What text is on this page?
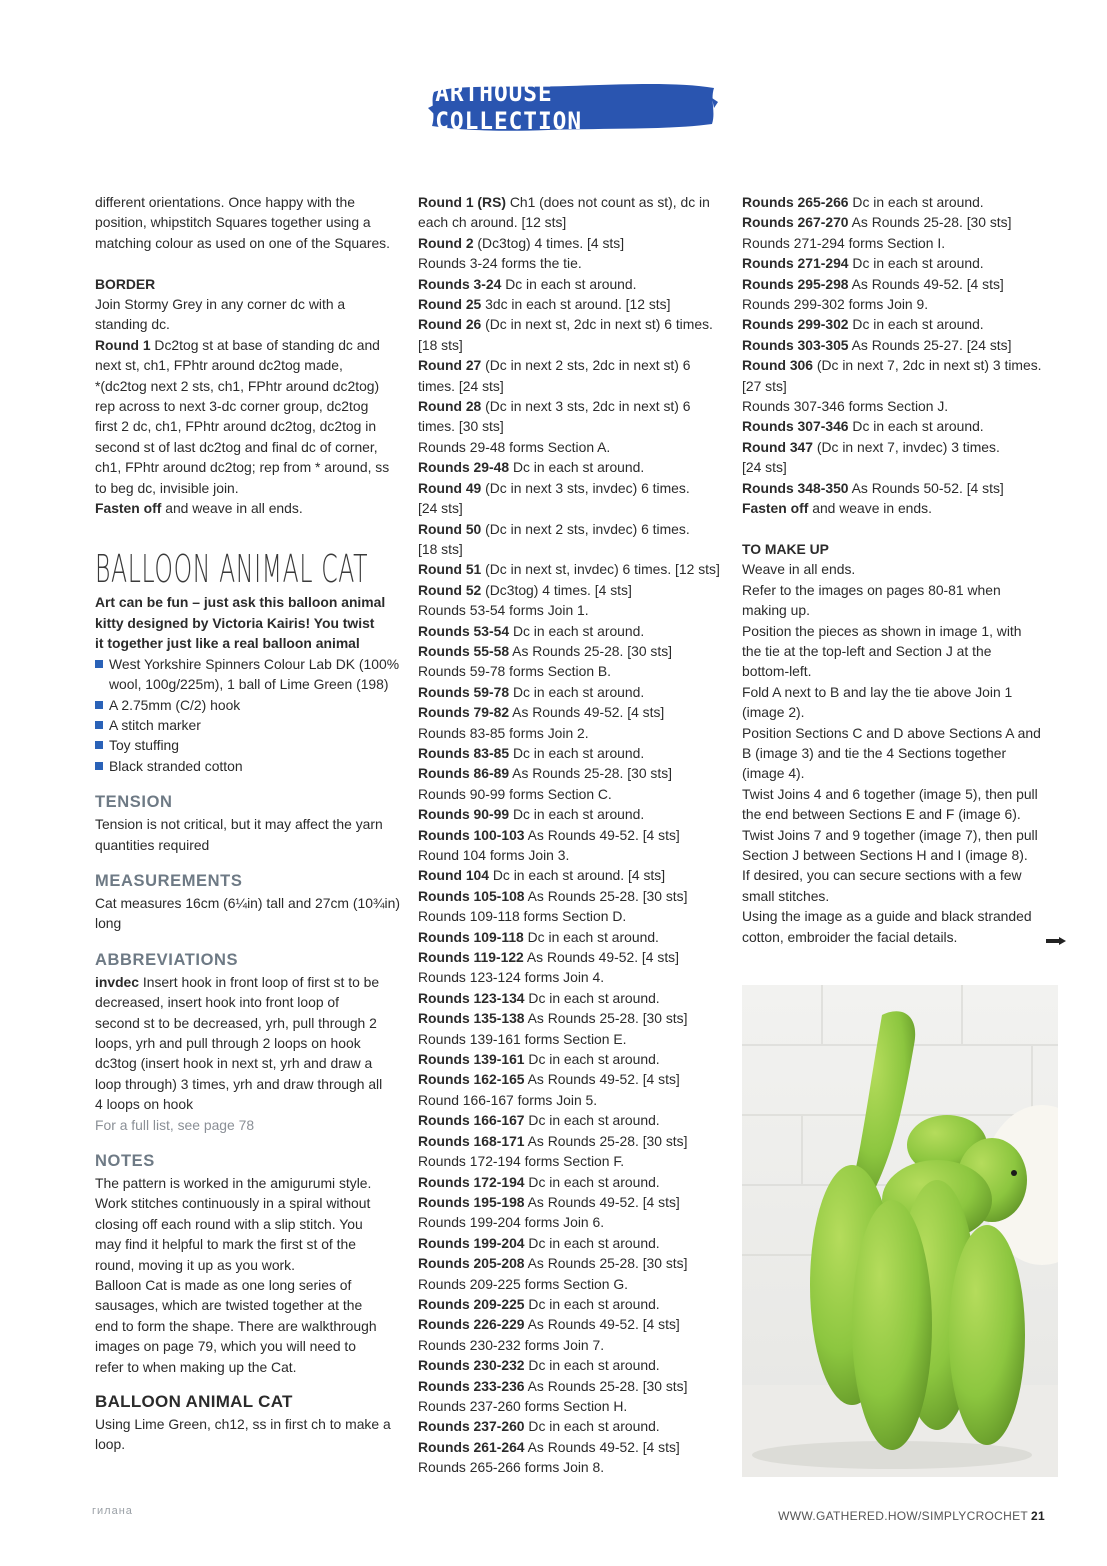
ARTHOUSE COLLECTION

different orientations. Once happy with the

position, whipstitch Squares together using a

matching colour as used on one of the Squares.

BORDER

Join Stormy Grey in any corner dc with a

standing dc.

Round 1 Dc2tog st at base of standing dc and

next st, ch1, FPhtr around dc2tog made,

*(dc2tog next 2 sts, ch1, FPhtr around dc2tog)

rep across to next 3-dc corner group, dc2tog

first 2 dc, ch1, FPhtr around dc2tog, dc2tog in

second st of last dc2tog and final dc of corner,

ch1, FPhtr around dc2tog; rep from * around, ss

to beg dc, invisible join.

Fasten off and weave in all ends.

BALLOON ANIMAL CAT

Art can be fun – just ask this balloon animal

kitty designed by Victoria Kairis! You twist

it together just like a real balloon animal

West Yorkshire Spinners Colour Lab DK (100%
wool, 100g/225m), 1 ball of Lime Green (198)
A 2.75mm (C/2) hook
A stitch marker
Toy stuffing
Black stranded cotton

TENSION

Tension is not critical, but it may affect the yarn

quantities required

MEASUREMENTS

Cat measures 16cm (6¼in) tall and 27cm (10¾in)

long

ABBREVIATIONS

invdec Insert hook in front loop of first st to be

decreased, insert hook into front loop of

second st to be decreased, yrh, pull through 2

loops, yrh and pull through 2 loops on hook

dc3tog (insert hook in next st, yrh and draw a

loop through) 3 times, yrh and draw through all

4 loops on hook

For a full list, see page 78

NOTES

The pattern is worked in the amigurumi style.

Work stitches continuously in a spiral without

closing off each round with a slip stitch. You

may find it helpful to mark the first st of the

round, moving it up as you work.

Balloon Cat is made as one long series of

sausages, which are twisted together at the

end to form the shape. There are walkthrough

images on page 79, which you will need to

refer to when making up the Cat.

BALLOON ANIMAL CAT

Using Lime Green, ch12, ss in first ch to make a

loop.

Round 1 (RS) Ch1 (does not count as st), dc in

each ch around. [12 sts]

Round 2 (Dc3tog) 4 times. [4 sts]

Rounds 3-24 forms the tie.

Rounds 3-24 Dc in each st around.

Round 25 3dc in each st around. [12 sts]

Round 26 (Dc in next st, 2dc in next st) 6 times.

[18 sts]

Round 27 (Dc in next 2 sts, 2dc in next st) 6

times. [24 sts]

Round 28 (Dc in next 3 sts, 2dc in next st) 6

times. [30 sts]

Rounds 29-48 forms Section A.

Rounds 29-48 Dc in each st around.

Round 49 (Dc in next 3 sts, invdec) 6 times.

[24 sts]

Round 50 (Dc in next 2 sts, invdec) 6 times.

[18 sts]

Round 51 (Dc in next st, invdec) 6 times. [12 sts]

Round 52 (Dc3tog) 4 times. [4 sts]

Rounds 53-54 forms Join 1.

Rounds 53-54 Dc in each st around.

Rounds 55-58 As Rounds 25-28. [30 sts]

Rounds 59-78 forms Section B.

Rounds 59-78 Dc in each st around.

Rounds 79-82 As Rounds 49-52. [4 sts]

Rounds 83-85 forms Join 2.

Rounds 83-85 Dc in each st around.

Rounds 86-89 As Rounds 25-28. [30 sts]

Rounds 90-99 forms Section C.

Rounds 90-99 Dc in each st around.

Rounds 100-103 As Rounds 49-52. [4 sts]

Round 104 forms Join 3.

Round 104 Dc in each st around. [4 sts]

Rounds 105-108 As Rounds 25-28. [30 sts]

Rounds 109-118 forms Section D.

Rounds 109-118 Dc in each st around.

Rounds 119-122 As Rounds 49-52. [4 sts]

Rounds 123-124 forms Join 4.

Rounds 123-134 Dc in each st around.

Rounds 135-138 As Rounds 25-28. [30 sts]

Rounds 139-161 forms Section E.

Rounds 139-161 Dc in each st around.

Rounds 162-165 As Rounds 49-52. [4 sts]

Round 166-167 forms Join 5.

Rounds 166-167 Dc in each st around.

Rounds 168-171 As Rounds 25-28. [30 sts]

Rounds 172-194 forms Section F.

Rounds 172-194 Dc in each st around.

Rounds 195-198 As Rounds 49-52. [4 sts]

Rounds 199-204 forms Join 6.

Rounds 199-204 Dc in each st around.

Rounds 205-208 As Rounds 25-28. [30 sts]

Rounds 209-225 forms Section G.

Rounds 209-225 Dc in each st around.

Rounds 226-229 As Rounds 49-52. [4 sts]

Rounds 230-232 forms Join 7.

Rounds 230-232 Dc in each st around.

Rounds 233-236 As Rounds 25-28. [30 sts]

Rounds 237-260 forms Section H.

Rounds 237-260 Dc in each st around.

Rounds 261-264 As Rounds 49-52. [4 sts]

Rounds 265-266 forms Join 8.

Rounds 265-266 Dc in each st around.

Rounds 267-270 As Rounds 25-28. [30 sts]

Rounds 271-294 forms Section I.

Rounds 271-294 Dc in each st around.

Rounds 295-298 As Rounds 49-52. [4 sts]

Rounds 299-302 forms Join 9.

Rounds 299-302 Dc in each st around.

Rounds 303-305 As Rounds 25-27. [24 sts]

Round 306 (Dc in next 7, 2dc in next st) 3 times.

[27 sts]

Rounds 307-346 forms Section J.

Rounds 307-346 Dc in each st around.

Round 347 (Dc in next 7, invdec) 3 times.

[24 sts]

Rounds 348-350 As Rounds 50-52. [4 sts]

Fasten off and weave in ends.

TO MAKE UP

Weave in all ends.

Refer to the images on pages 80-81 when

making up.

Position the pieces as shown in image 1, with

the tie at the top-left and Section J at the

bottom-left.

Fold A next to B and lay the tie above Join 1

(image 2).

Position Sections C and D above Sections A and

B (image 3) and tie the 4 Sections together

(image 4).

Twist Joins 4 and 6 together (image 5), then pull

the end between Sections E and F (image 6).

Twist Joins 7 and 9 together (image 7), then pull

Section J between Sections H and I (image 8).

If desired, you can secure sections with a few

small stitches.

Using the image as a guide and black stranded

cotton, embroider the facial details.

гилана	WWW.GATHERED.HOW/SIMPLYCROCHET 21
